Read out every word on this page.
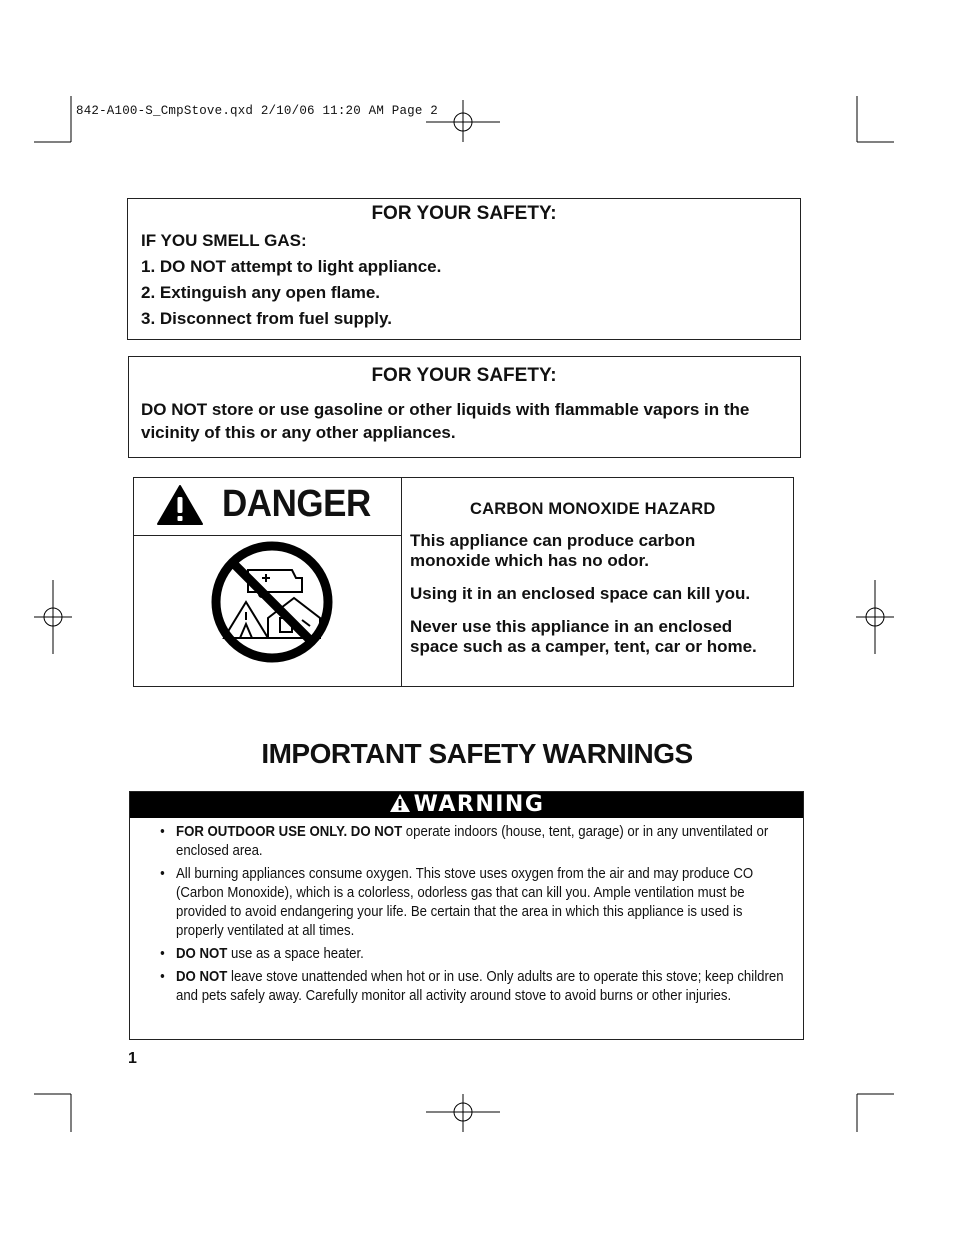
842-A100-S_CmpStove.qxd 2/10/06 11:20 AM Page 2
FOR YOUR SAFETY:
IF YOU SMELL GAS:
1. DO NOT attempt to light appliance.
2. Extinguish any open flame.
3. Disconnect from fuel supply.
FOR YOUR SAFETY:
DO NOT store or use gasoline or other liquids with flammable vapors in the vicinity of this or any other appliances.
DANGER	CARBON MONOXIDE HAZARD
This appliance can produce carbon monoxide which has no odor.
Using it in an enclosed space can kill you.
Never use this appliance in an enclosed space such as a camper, tent, car or home.
IMPORTANT SAFETY WARNINGS
WARNING
• FOR OUTDOOR USE ONLY. DO NOT operate indoors (house, tent, garage) or in any unventilated or enclosed area.
• All burning appliances consume oxygen. This stove uses oxygen from the air and may produce CO (Carbon Monoxide), which is a colorless, odorless gas that can kill you. Ample ventilation must be provided to avoid endangering your life. Be certain that the area in which this appliance is used is properly ventilated at all times.
• DO NOT use as a space heater.
• DO NOT leave stove unattended when hot or in use. Only adults are to operate this stove; keep children and pets safely away. Carefully monitor all activity around stove to avoid burns or other injuries.
1
